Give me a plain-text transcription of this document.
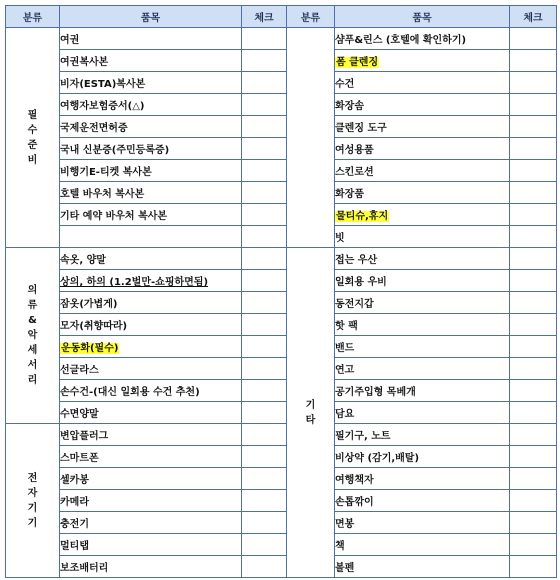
분류	품목	체크	분류	품목	체크
필수준비	여권			샴푸&린스 (호텔에 확인하기)	
	여권복사본			폼 클렌징	
	비자(ESTA)복사본			수건	
	여행자보험증서(△)			화장솜	
	국제운전면허증			클렌징 도구	
	국내 신분증(주민등록증)			여성용품	
	비행기E-티켓 복사본			스킨로션	
	호텔 바우처 복사본			화장품	
	기타 예약 바우처 복사본			물티슈,휴지	
				빗	
의류&악세서리	속옷, 양말		기타	접는 우산	
	상의, 하의 (1.2벌만-쇼핑하면됨)			일회용 우비	
	잠옷(가볍게)			동전지갑	
	모자(취향따라)			핫 팩	
	운동화(필수)			밴드	
	선글라스			연고	
	손수건-(대신 일회용 수건 추천)			공기주입형 목베개	
	수면양말			담요	
전자기기	변압플러그			필기구, 노트	
	스마트폰			비상약 (감기,배탈)	
	셀카봉			여행책자	
	카메라			손톱깎이	
	충전기			면봉	
	멀티탭			책	
	보조배터리			볼펜	
